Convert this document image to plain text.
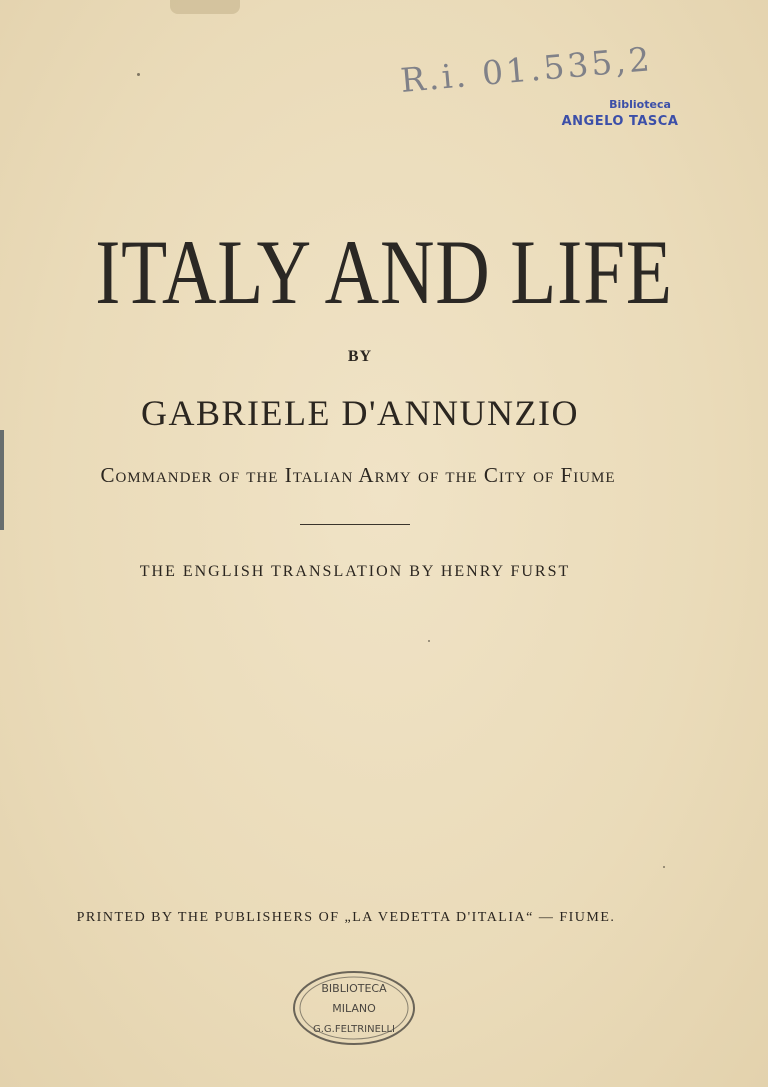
R.i. 01.535,2
Biblioteca
ANGELO TASCA
ITALY AND LIFE
BY
GABRIELE D'ANNUNZIO
Commander of the Italian Army of the City of Fiume
THE ENGLISH TRANSLATION BY HENRY FURST
PRINTED BY THE PUBLISHERS OF „LA VEDETTA D'ITALIA“ — FIUME.
BIBLIOTECA
MILANO
G.G.FELTRINELLI
